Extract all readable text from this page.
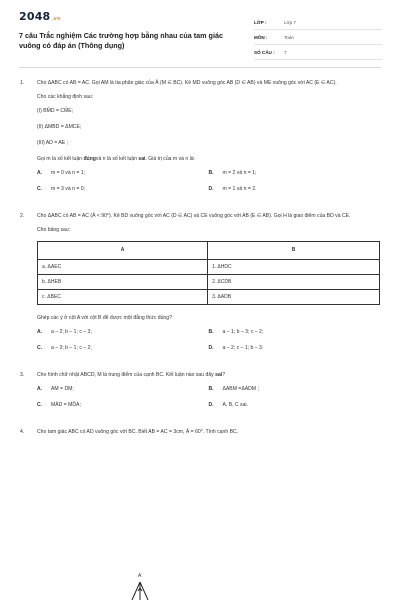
2048.vn
7 câu Trắc nghiệm Các trường hợp bằng nhau của tam giác vuông có đáp án (Thông dụng)
LỚP :	Lớp 7
MÔN :	Toán
SỐ CÂU :	7
1.	Cho ΔABC có AB = AC. Gọi AM là tia phân giác của Â (M ∈ BC). Kẻ MD vuông góc AB (D ∈ AB) và ME vuông góc với AC (E ∈ AC).

Cho các khẳng định sau:

(I) BM̂D = CM̂E;

(II) ΔMBD = ΔMCE;

(III) AD = AE ;

Gọi m là số kết luận đúngvà n là số kết luận sai. Giá trị của m và n là:

A.	m = 0 và n = 1;	B.	m = 2 và n = 1;
C.	m = 3 và n = 0;	D.	m = 1 và n = 2.
2.	Cho ΔABC có AB = AC (Â < 90°). Kẻ BD vuông góc với AC (D ∈ AC) và CE vuông góc với AB (E ∈ AB). Gọi H là giao điểm của BD và CE.

Cho bảng sau:

A	B
a. ΔAEC	1. ΔHDC
b. ΔHEB	2. ΔCDB
c. ΔBEC	3. ΔADB

Ghép các ý ở cột A với cột B để được một đẳng thức đúng?

A.	a – 2; b – 1; c – 3;	B.	a – 1; b – 3; c – 2;
C.	a – 3; b – 1; c – 2;	D.	a – 2; c – 1; b – 3.
3.	Cho hình chữ nhật ABCD, M là trung điểm của cạnh BC. Kết luận nào sau đây sai?

A.	AM = DM;	B.	ΔABM =ΔADM ;
C.	MÂD = MD̂A;	D.	A, B, C sai.
4.	Cho tam giác ABC có AD vuông góc với BC. Biết AB = AC = 3cm, Â = 60°. Tính cạnh BC.

A
